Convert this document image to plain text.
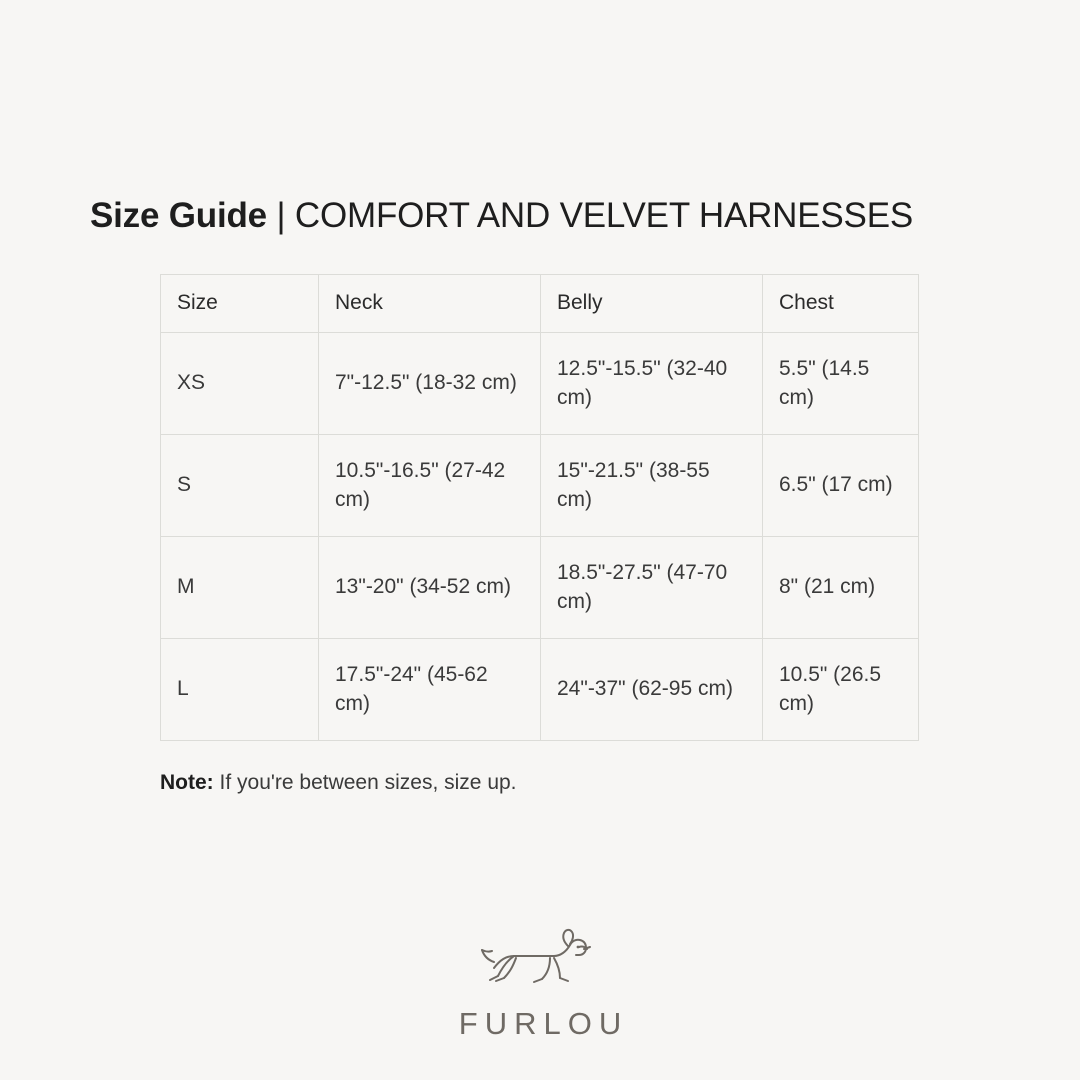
Size Guide | COMFORT AND VELVET HARNESSES
Size	Neck	Belly	Chest
XS	7"-12.5" (18-32 cm)	12.5"-15.5" (32-40 cm)	5.5" (14.5 cm)
S	10.5"-16.5" (27-42 cm)	15"-21.5" (38-55 cm)	6.5" (17 cm)
M	13"-20" (34-52 cm)	18.5"-27.5" (47-70 cm)	8" (21 cm)
L	17.5"-24" (45-62 cm)	24"-37" (62-95 cm)	10.5" (26.5 cm)

Note: If you're between sizes, size up.

FURLOU
